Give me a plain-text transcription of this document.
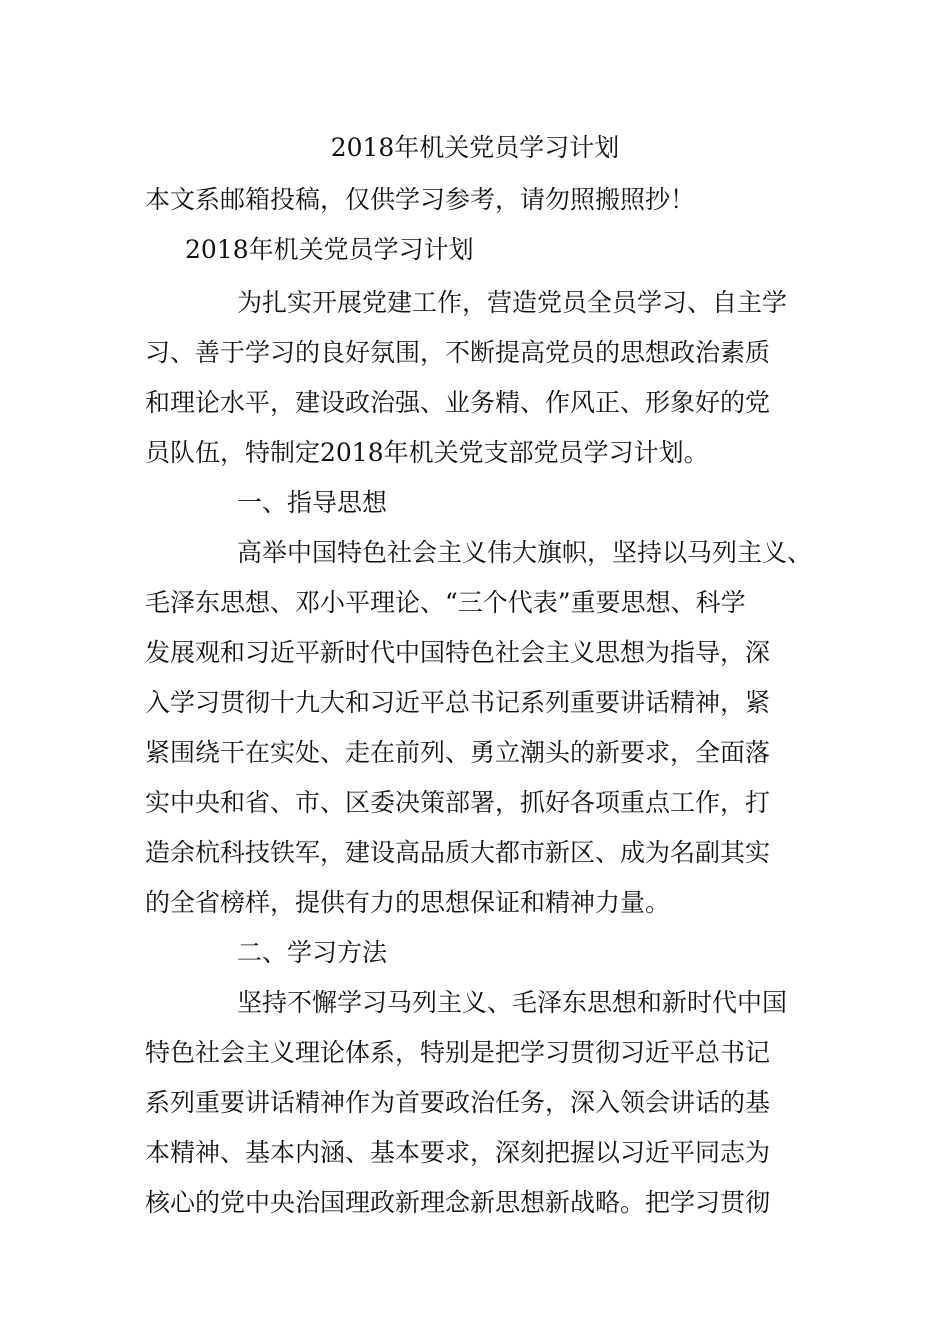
2018年机关党员学习计划
本文系邮箱投稿，仅供学习参考，请勿照搬照抄！
2018年机关党员学习计划
为扎实开展党建工作，营造党员全员学习、自主学
习、善于学习的良好氛围，不断提高党员的思想政治素质
和理论水平，建设政治强、业务精、作风正、形象好的党
员队伍，特制定2018年机关党支部党员学习计划。
一、指导思想
高举中国特色社会主义伟大旗帜，坚持以马列主义、
毛泽东思想、邓小平理论、“三个代表”重要思想、科学
发展观和习近平新时代中国特色社会主义思想为指导，深
入学习贯彻十九大和习近平总书记系列重要讲话精神，紧
紧围绕干在实处、走在前列、勇立潮头的新要求，全面落
实中央和省、市、区委决策部署，抓好各项重点工作，打
造余杭科技铁军，建设高品质大都市新区、成为名副其实
的全省榜样，提供有力的思想保证和精神力量。
二、学习方法
坚持不懈学习马列主义、毛泽东思想和新时代中国
特色社会主义理论体系，特别是把学习贯彻习近平总书记
系列重要讲话精神作为首要政治任务，深入领会讲话的基
本精神、基本内涵、基本要求，深刻把握以习近平同志为
核心的党中央治国理政新理念新思想新战略。把学习贯彻
